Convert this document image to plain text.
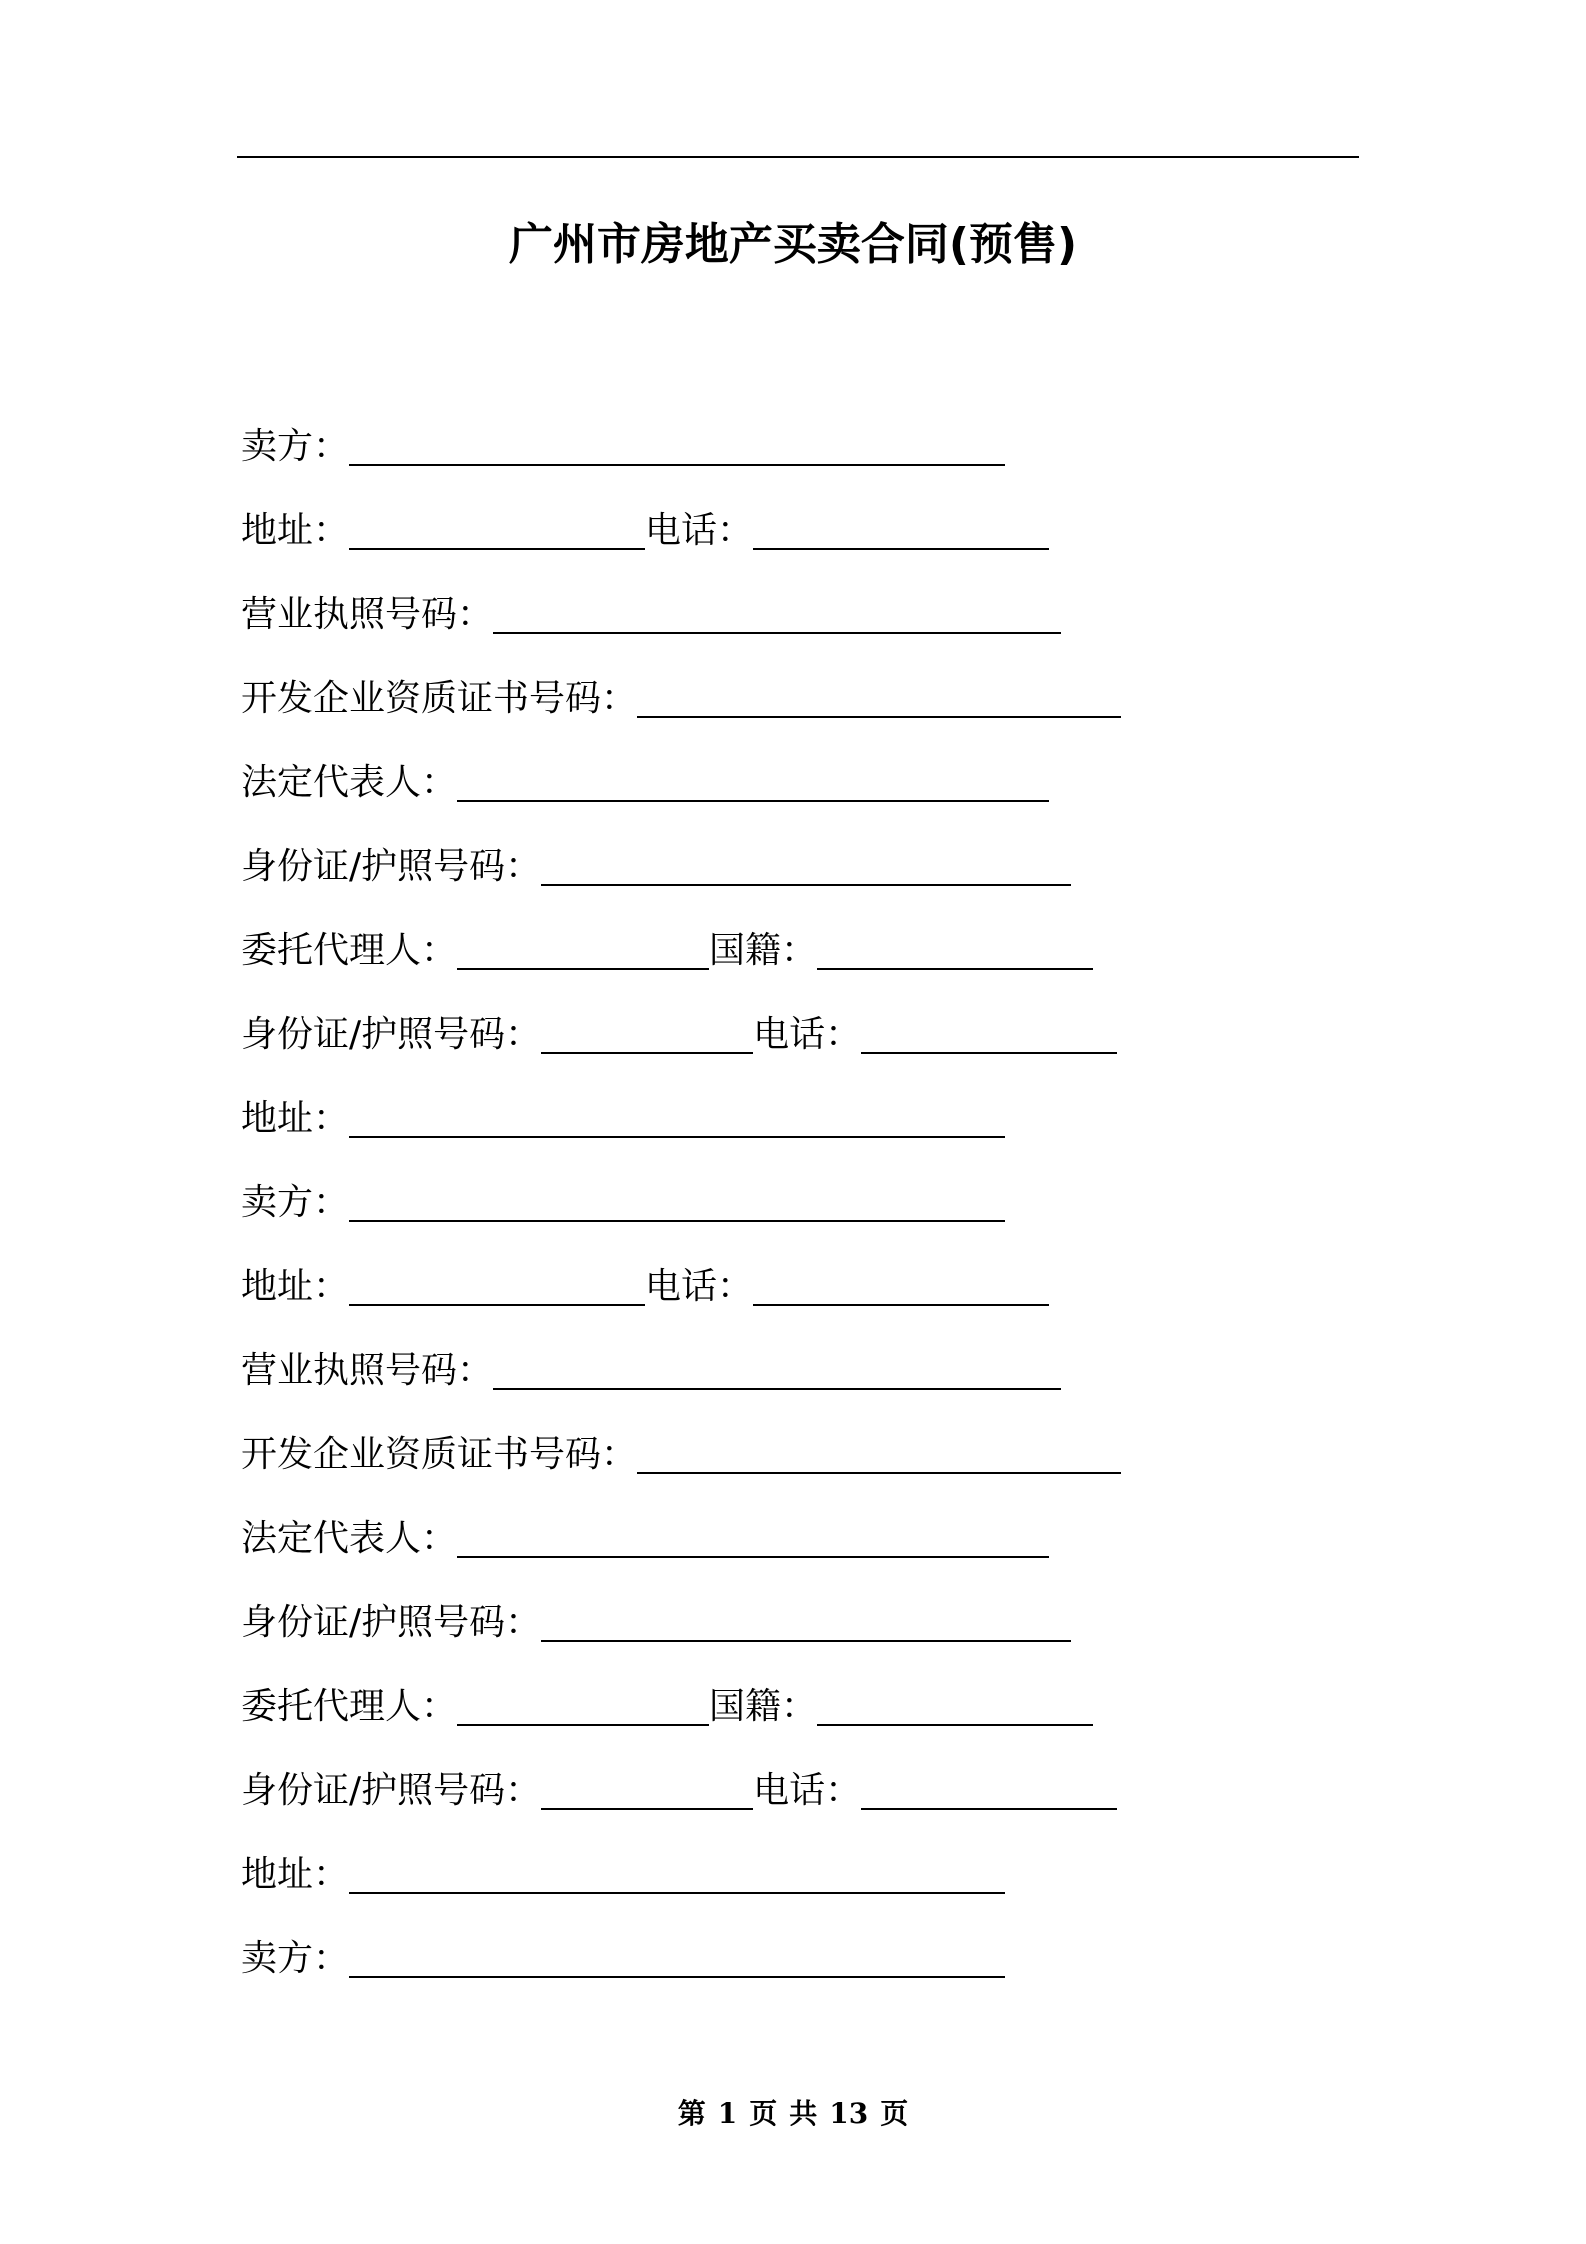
广州市房地产买卖合同(预售)
卖方：
地址：	电话：
营业执照号码：
开发企业资质证书号码：
法定代表人：
身份证/护照号码：
委托代理人：	国籍：
身份证/护照号码：	电话：
地址：
卖方：
地址：	电话：
营业执照号码：
开发企业资质证书号码：
法定代表人：
身份证/护照号码：
委托代理人：	国籍：
身份证/护照号码：	电话：
地址：
卖方：
第 1 页 共 13 页
